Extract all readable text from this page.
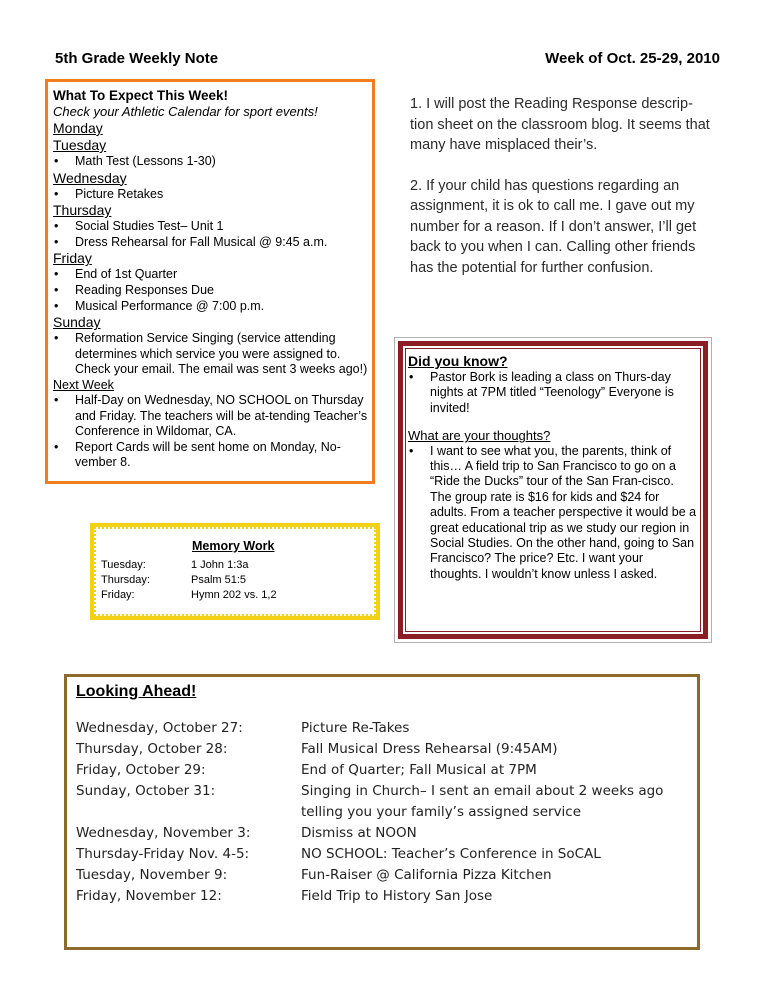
5th Grade Weekly Note	Week of Oct. 25-29, 2010
What To Expect This Week!
Check your Athletic Calendar for sport events!
Monday
Tuesday
• Math Test (Lessons 1-30)
Wednesday
• Picture Retakes
Thursday
• Social Studies Test– Unit 1
• Dress Rehearsal for Fall Musical @ 9:45 a.m.
Friday
• End of 1st Quarter
• Reading Responses Due
• Musical Performance @ 7:00 p.m.
Sunday
• Reformation Service Singing (service attending determines which service you were assigned to. Check your email. The email was sent 3 weeks ago!)
Next Week
• Half-Day on Wednesday, NO SCHOOL on Thursday and Friday. The teachers will be at-tending Teacher’s Conference in Wildomar, CA.
• Report Cards will be sent home on Monday, No-vember 8.
Memory Work
Tuesday:	1 John 1:3a
Thursday:	Psalm 51:5
Friday:	Hymn 202 vs. 1,2

1. I will post the Reading Response descrip-tion sheet on the classroom blog. It seems that many have misplaced their’s.

2. If your child has questions regarding an assignment, it is ok to call me. I gave out my number for a reason. If I don’t answer, I’ll get back to you when I can. Calling other friends has the potential for further confusion.

Did you know?
• Pastor Bork is leading a class on Thurs-day nights at 7PM titled “Teenology” Everyone is invited!
What are your thoughts?
• I want to see what you, the parents, think of this… A field trip to San Francisco to go on a “Ride the Ducks” tour of the San Fran-cisco. The group rate is $16 for kids and $24 for adults. From a teacher perspective it would be a great educational trip as we study our region in Social Studies. On the other hand, going to San Francisco? The price? Etc. I want your thoughts. I wouldn’t know unless I asked.
Looking Ahead!
Wednesday, October 27:	Picture Re-Takes
Thursday, October 28:	Fall Musical Dress Rehearsal (9:45AM)
Friday, October 29:	End of Quarter; Fall Musical at 7PM
Sunday, October 31:	Singing in Church– I sent an email about 2 weeks ago telling you your family’s assigned service
Wednesday, November 3:	Dismiss at NOON
Thursday-Friday Nov. 4-5:	NO SCHOOL: Teacher’s Conference in SoCAL
Tuesday, November 9:	Fun-Raiser @ California Pizza Kitchen
Friday, November 12:	Field Trip to History San Jose
